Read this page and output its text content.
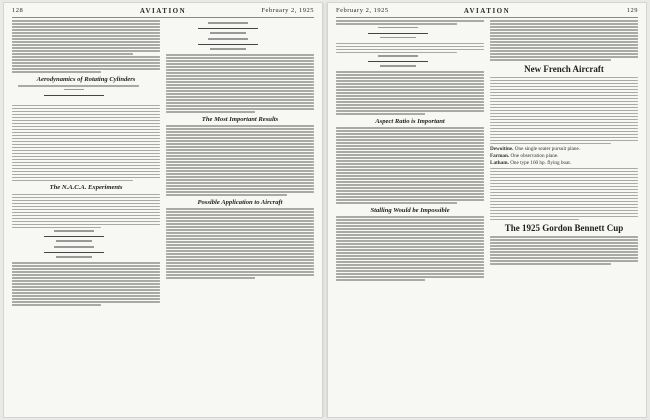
128	AVIATION	February 2, 1925
Aerodynamics of Rotating Cylinders
The N.A.C.A. Experiments
The Most Important Results
Possible Application to Aircraft
February 2, 1925	AVIATION	129
Aspect Ratio is Important
Stalling Would be Impossible
New French Aircraft
Dewoitine. One single seater pursuit plane.
Farman. One observation plane.
Latham. One type 160 hp. flying boat.
The 1925 Gordon Bennett Cup
